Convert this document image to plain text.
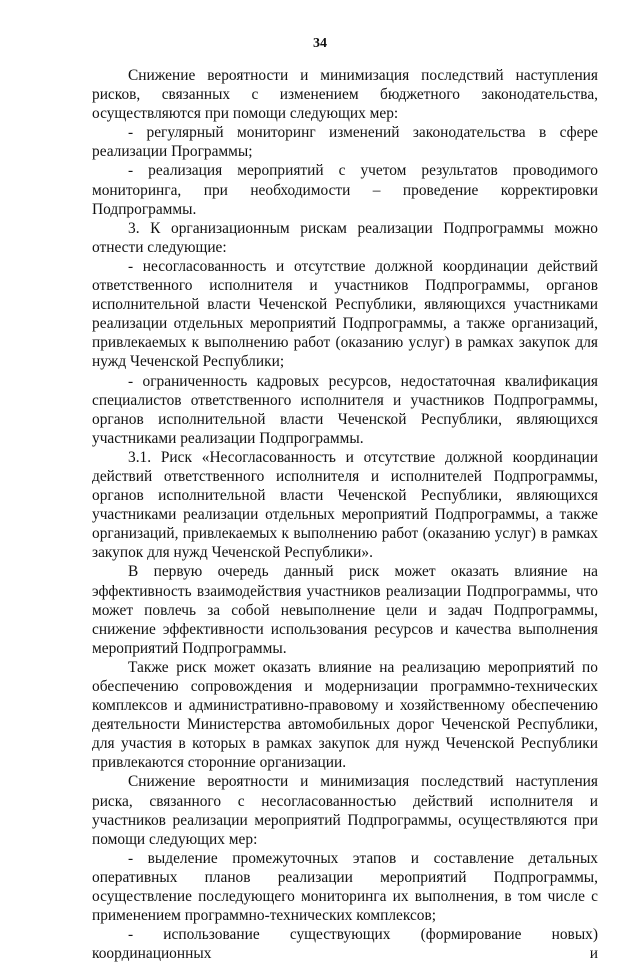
34

Снижение вероятности и минимизация последствий наступления рисков, связанных с изменением бюджетного законодательства, осуществляются при помощи следующих мер:

- регулярный мониторинг изменений законодательства в сфере реализации Программы;

- реализация мероприятий с учетом результатов проводимого мониторинга, при необходимости – проведение корректировки Подпрограммы.

3. К организационным рискам реализации Подпрограммы можно отнести следующие:

- несогласованность и отсутствие должной координации действий ответственного исполнителя и участников Подпрограммы, органов исполнительной власти Чеченской Республики, являющихся участниками реализации отдельных мероприятий Подпрограммы, а также организаций, привлекаемых к выполнению работ (оказанию услуг) в рамках закупок для нужд Чеченской Республики;

- ограниченность кадровых ресурсов, недостаточная квалификация специалистов ответственного исполнителя и участников Подпрограммы, органов исполнительной власти Чеченской Республики, являющихся участниками реализации Подпрограммы.

3.1. Риск «Несогласованность и отсутствие должной координации действий ответственного исполнителя и исполнителей Подпрограммы, органов исполнительной власти Чеченской Республики, являющихся участниками реализации отдельных мероприятий Подпрограммы, а также организаций, привлекаемых к выполнению работ (оказанию услуг) в рамках закупок для нужд Чеченской Республики».

В первую очередь данный риск может оказать влияние на эффективность взаимодействия участников реализации Подпрограммы, что может повлечь за собой невыполнение цели и задач Подпрограммы, снижение эффективности использования ресурсов и качества выполнения мероприятий Подпрограммы.

Также риск может оказать влияние на реализацию мероприятий по обеспечению сопровождения и модернизации программно-технических комплексов и административно-правовому и хозяйственному обеспечению деятельности Министерства автомобильных дорог Чеченской Республики, для участия в которых в рамках закупок для нужд Чеченской Республики привлекаются сторонние организации.

Снижение вероятности и минимизация последствий наступления риска, связанного с несогласованностью действий исполнителя и участников реализации мероприятий Подпрограммы, осуществляются при помощи следующих мер:

- выделение промежуточных этапов и составление детальных оперативных планов реализации мероприятий Подпрограммы, осуществление последующего мониторинга их выполнения, в том числе с применением программно-технических комплексов;

- использование существующих (формирование новых) координационных и
